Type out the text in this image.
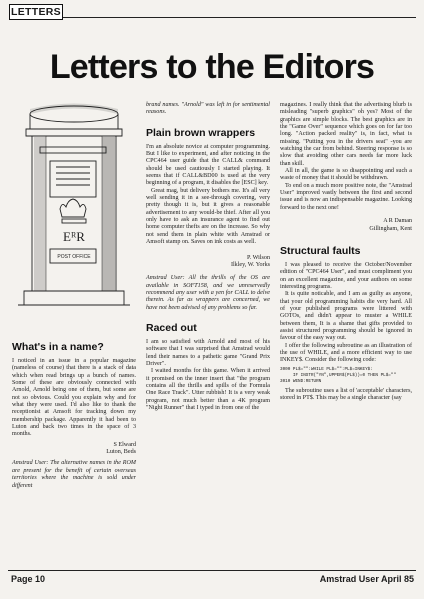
LETTERS
Letters to the Editors
EᴿR
POST OFFICE
What's in a name?

I noticed in an issue in a popular magazine (nameless of course) that there is a stack of data which when read brings up a bunch of names. Some of these are obviously connected with Arnold, Arnold being one of them, but some are not so obvious. Could you explain why and for what they were used. I'd also like to thank the receptionist at Amsoft for tracking down my membership package. Apparently it had been to Luton and back two times in the space of 3 months.

S Elward

Luton, Beds

Amstrad User: The alternative names in the ROM are present for the benefit of certain overseas territories where the machine is sold under different

brand names. "Arnold" was left in for sentimental reasons.

Plain brown wrappers

I'm an absolute novice at computer programming. But I like to experiment, and after noticing in the CPC464 user guide that the CALL& command should be used cautiously I started playing. It seems that if CALL&BD00 is used at the very beginning of a program, it disables the [ESC] key.

Great mag, but delivery bothers me. It's all very well sending it in a see-through covering, very pretty though it is, but it gives a reasonable advertisement to any would-be thief. After all you only have to ask an insurance agent to find out home computer thefts are on the increase. So why not send them in plain white with Amstrad or Amsoft stamp on. Saves on ink costs as well.

P. Wilson

Ilkley, W. Yorks

Amstrad User: All the thrills of the OS are available in SOFT158, and we unreservedly recommend any user with a yen for CALL to delve therein. As far as wrappers are concerned, we have not been advised of any problems so far.

Raced out

I am so satisfied with Arnold and most of his software that I was surprised that Amstrad would lend their names to a pathetic game "Grand Prix Driver".

I waited months for this game. When it arrived it promised on the inner insert that "the program contains all the thrills and spills of the Formula One Race Track". Utter rubbish! It is a very weak program, not much better than a 4K program "Night Runner" that I typed in from one of the

magazines. I really think that the advertising blurb is misleading "superb graphics" oh yes? Most of the graphics are simple blocks. The best graphics are in the "Game Over" sequence which goes on for far too long. "Action packed reality" is, in fact, what is missing. "Putting you in the drivers seat" -you are watching the car from behind. Steering response is so slow that avoiding other cars needs far more luck than skill.

All in all, the game is so disappointing and such a waste of money that it should be withdrawn.

To end on a much more positive note, the "Amstrad User" improved vastly between the first and second issue and is now an indispensable magazine. Looking forward to the next one!

A R Daman

Gillingham, Kent

Structural faults

I was pleased to receive the October/November edition of "CPC464 User", and must compliment you on an excellent magazine, and your authors on some interesting programs.

It is quite noticable, and I am as guilty as anyone, that your old programming habits die very hard. All of your published programs were littered with GOTOs, and didn't appear to muster a WHILE between them, It is a shame that gifts provided to assist structured programming should be ignored in favour of the easy way out.

I offer the following subroutine as an illustration of the use of WHILE, and a more efficient way to use INKEY$. Consider the following code:

3000 PL$="":WHILE PL$="":PL$=INKEY$:
IF INSTR("YN",UPPER$(PL$))=0 THEN PL$=""
3010 WEND:RETURN

The subroutine uses a list of 'acceptable' characters, stored in PT$. This may be a single character (say

Page 10	Amstrad User April 85
